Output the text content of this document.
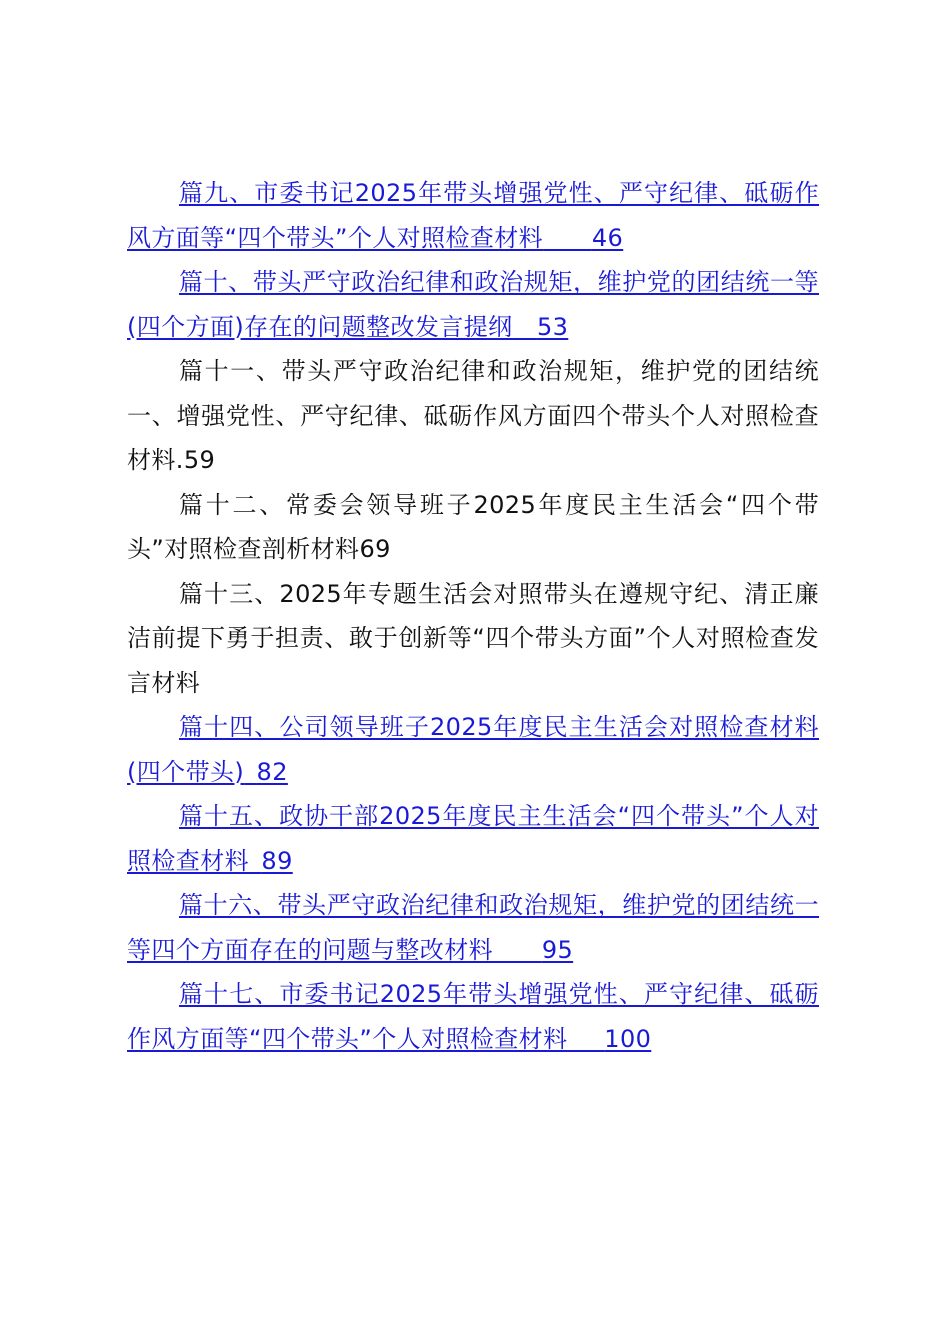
篇九、市委书记2025年带头增强党性、严守纪律、砥砺作风方面等“四个带头”个人对照检查材料   46

篇十、带头严守政治纪律和政治规矩，维护党的团结统一等(四个方面)存在的问题整改发言提纲  53

篇十一、带头严守政治纪律和政治规矩，维护党的团结统一、增强党性、严守纪律、砥砺作风方面四个带头个人对照检查材料.59

篇十二、常委会领导班子2025年度民主生活会“四个带头”对照检查剖析材料69

篇十三、2025年专题生活会对照带头在遵规守纪、清正廉洁前提下勇于担责、敢于创新等“四个带头方面”个人对照检查发言材料

篇十四、公司领导班子2025年度民主生活会对照检查材料(四个带头)  82

篇十五、政协干部2025年度民主生活会“四个带头”个人对照检查材料  89

篇十六、带头严守政治纪律和政治规矩，维护党的团结统一等四个方面存在的问题与整改材料   95

篇十七、市委书记2025年带头增强党性、严守纪律、砥砺作风方面等“四个带头”个人对照检查材料   100
